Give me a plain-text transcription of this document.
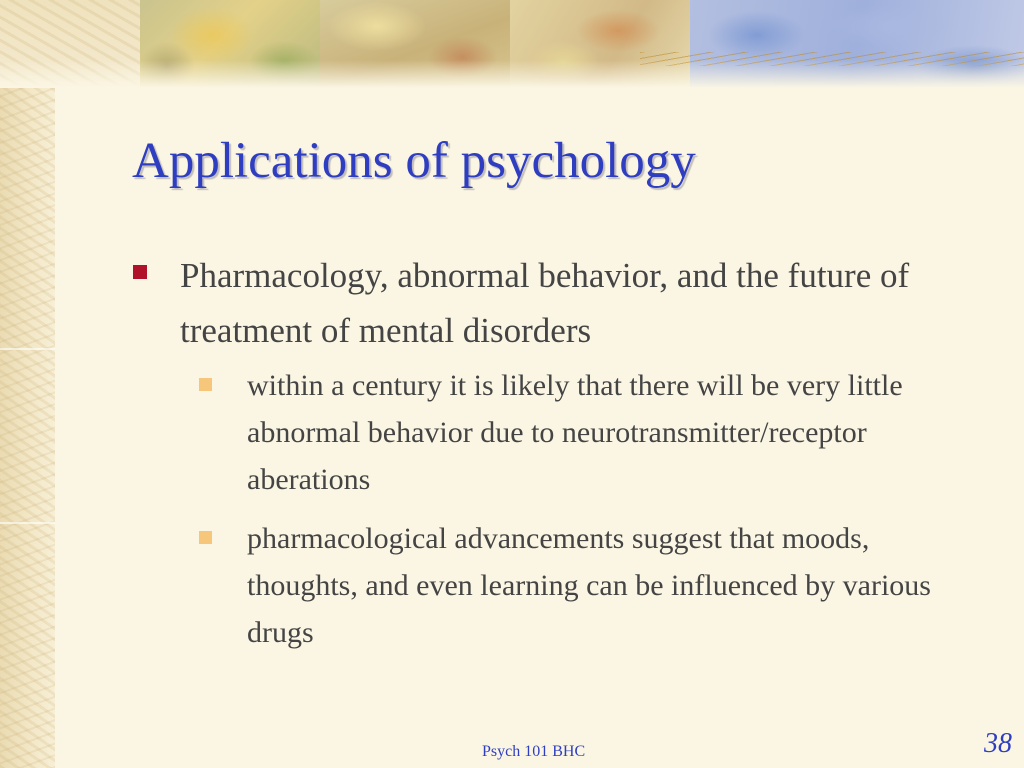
Applications of psychology
Pharmacology, abnormal behavior, and the future of treatment of mental disorders
within a century it is likely that there will be very little abnormal behavior due to neurotransmitter/receptor aberations
pharmacological advancements suggest that moods, thoughts, and even learning can be influenced by various drugs
Psych 101 BHC	38
